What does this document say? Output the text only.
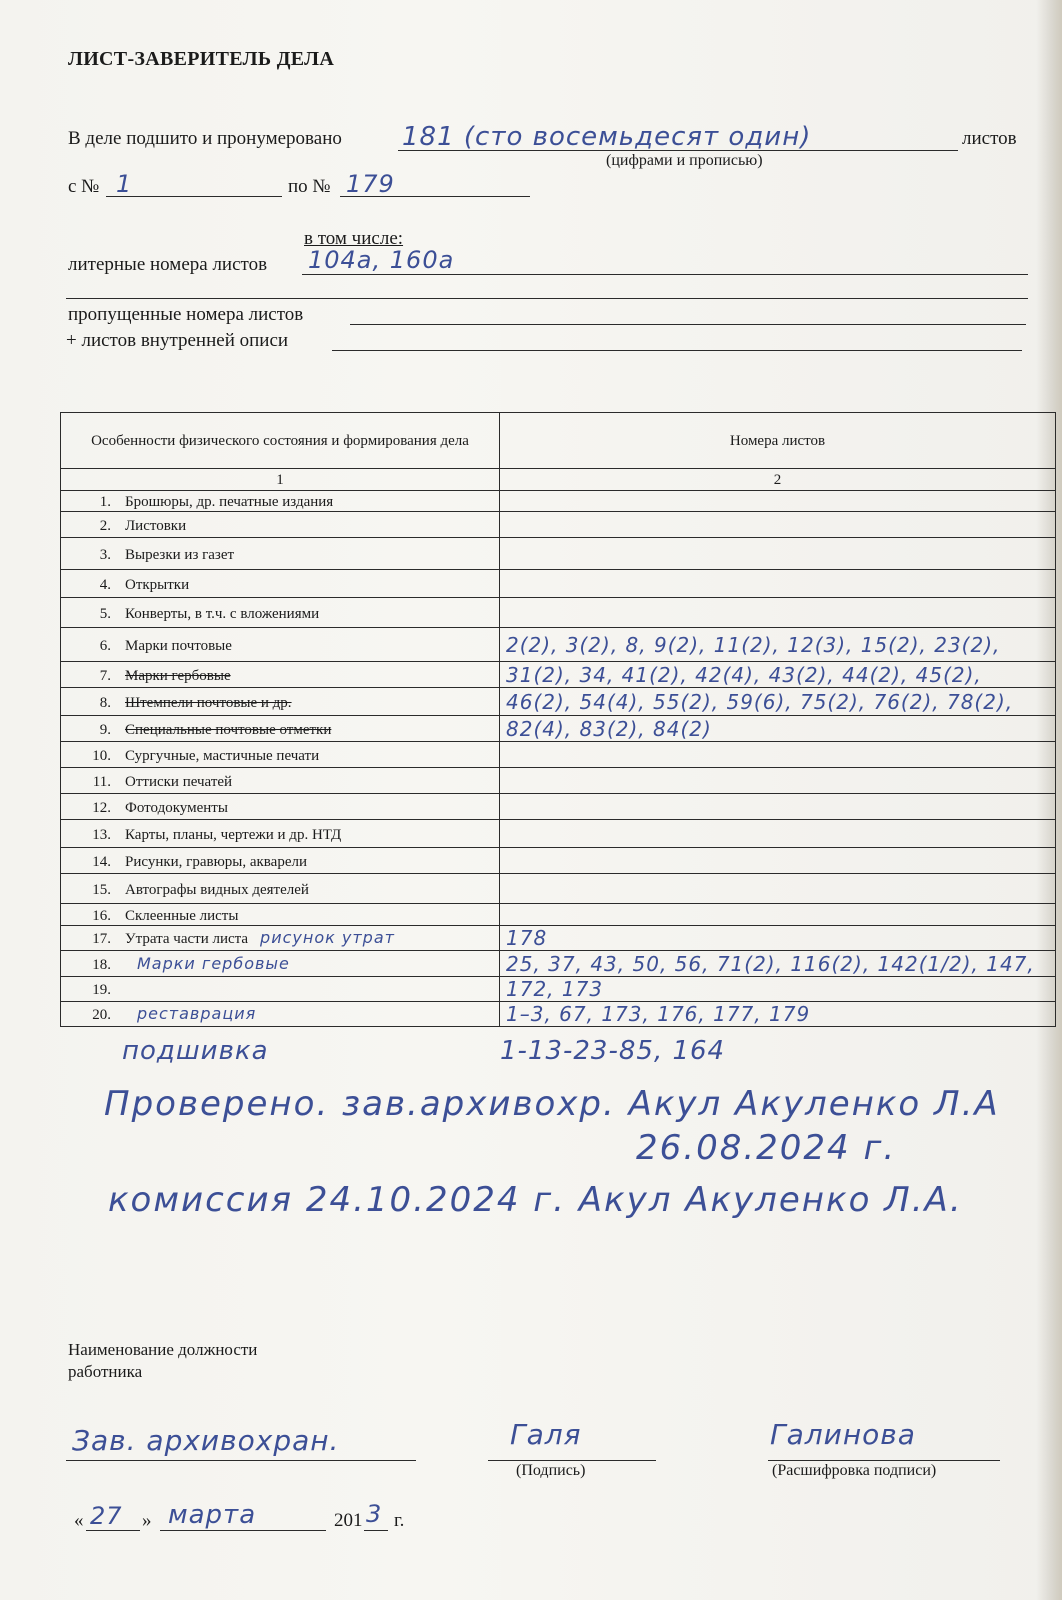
ЛИСТ-ЗАВЕРИТЕЛЬ ДЕЛА
В деле подшито и пронумеровано 181 (сто восемьдесят один)	листов
(цифрами и прописью)
с № 1	по № 179
в том числе:
литерные номера листов 104а, 160а
пропущенные номера листов
+ листов внутренней описи
Особенности физического состояния и формирования дела	Номера листов
1	2
1. Брошюры, др. печатные издания	
2. Листовки	
3. Вырезки из газет	
4. Открытки	
5. Конверты, в т.ч. с вложениями	
6. Марки почтовые	2(2), 3(2), 8, 9(2), 11(2), 12(3), 15(2), 23(2),
7. Марки гербовые	31(2), 34, 41(2), 42(4), 43(2), 44(2), 45(2),
8. Штемпели почтовые и др.	46(2), 54(4), 55(2), 59(6), 75(2), 76(2), 78(2),
9. Специальные почтовые отметки	82(4), 83(2), 84(2)
10. Сургучные, мастичные печати	
11. Оттиски печатей	
12. Фотодокументы	
13. Карты, планы, чертежи и др. НТД	
14. Рисунки, гравюры, акварели	
15. Автографы видных деятелей	
16. Склеенные листы	
17. Утрата части листа рисунок утрат	178
18. Марки гербовые	25, 37, 43, 50, 56, 71(2), 116(2), 142(1/2), 147,
19.	172, 173
20. реставрация	1–3, 67, 173, 176, 177, 179
подшивка	1-13-23-85, 164
Проверено. зав.архивохр. Акул Акуленко Л.А
26.08.2024 г.
комиссия 24.10.2024 г. Акул Акуленко Л.А.
Наименование должности
работника
Зав. архивохран.	Галя
(Подпись)
Галинова
(Расшифровка подписи)
« 27 » марта	201 3 г.
